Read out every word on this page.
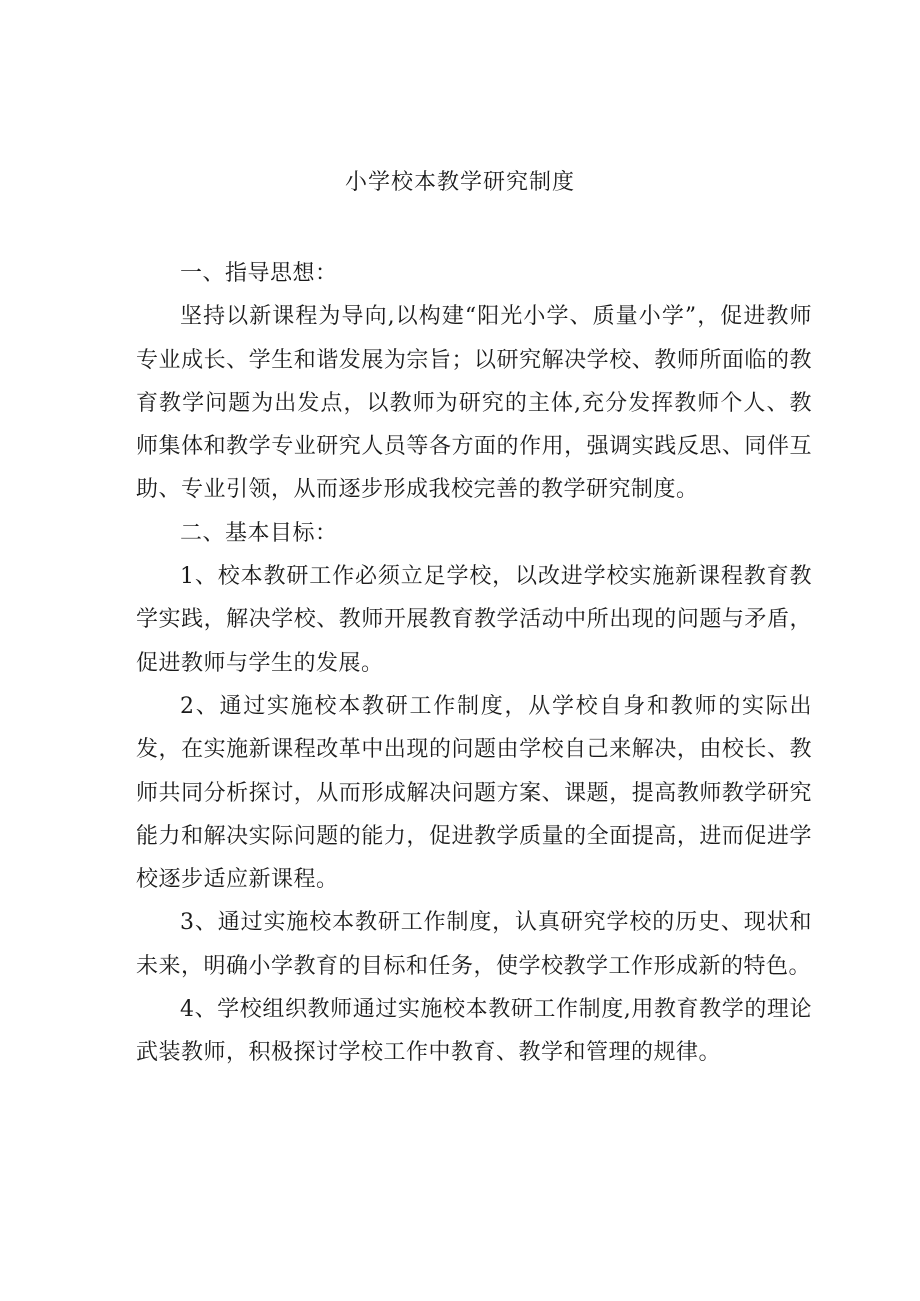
小学校本教学研究制度

一、指导思想：

坚持以新课程为导向,以构建“阳光小学、质量小学”，促进教师专业成长、学生和谐发展为宗旨；以研究解决学校、教师所面临的教育教学问题为出发点，以教师为研究的主体,充分发挥教师个人、教师集体和教学专业研究人员等各方面的作用，强调实践反思、同伴互助、专业引领，从而逐步形成我校完善的教学研究制度。

二、基本目标：

1、校本教研工作必须立足学校，以改进学校实施新课程教育教学实践，解决学校、教师开展教育教学活动中所出现的问题与矛盾，促进教师与学生的发展。

2、通过实施校本教研工作制度，从学校自身和教师的实际出发，在实施新课程改革中出现的问题由学校自己来解决，由校长、教师共同分析探讨，从而形成解决问题方案、课题，提高教师教学研究能力和解决实际问题的能力，促进教学质量的全面提高，进而促进学校逐步适应新课程。

3、通过实施校本教研工作制度，认真研究学校的历史、现状和未来，明确小学教育的目标和任务，使学校教学工作形成新的特色。

4、学校组织教师通过实施校本教研工作制度,用教育教学的理论武装教师，积极探讨学校工作中教育、教学和管理的规律。
